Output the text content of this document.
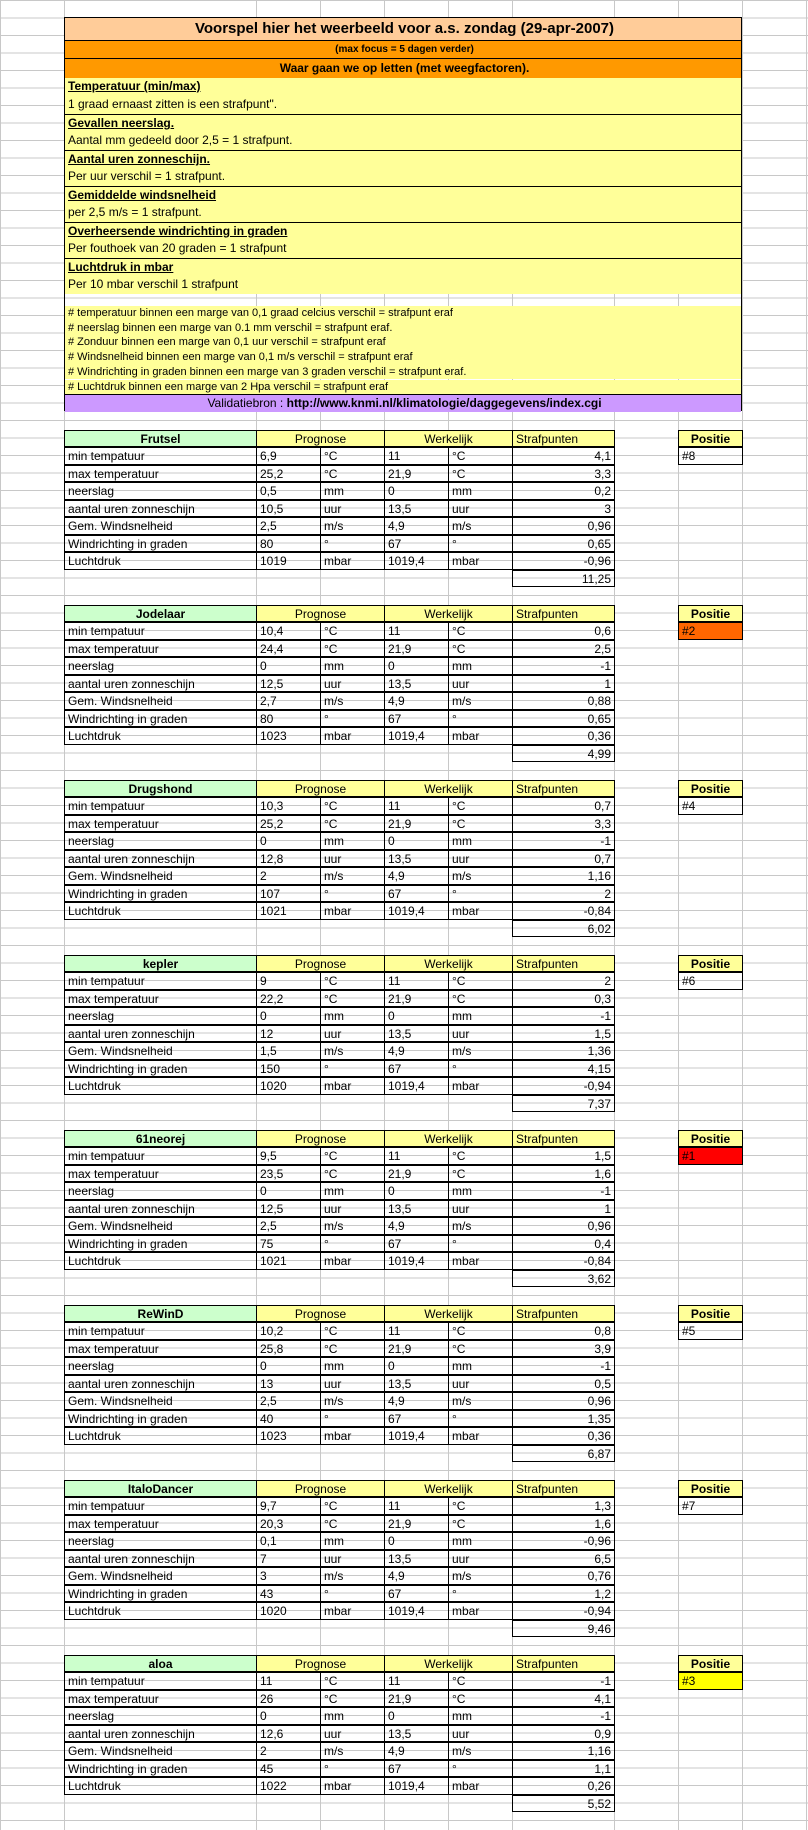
Voorspel hier het weerbeeld voor a.s. zondag (29-apr-2007)
(max focus = 5 dagen verder)
Waar gaan we op letten (met weegfactoren).
Temperatuur (min/max)
1 graad ernaast zitten is een strafpunt".
Gevallen neerslag.
Aantal mm gedeeld door 2,5 = 1 strafpunt.
Aantal uren zonneschijn.
Per uur verschil = 1 strafpunt.
Gemiddelde windsnelheid
per 2,5 m/s = 1 strafpunt.
Overheersende windrichting in graden
Per fouthoek van 20 graden = 1 strafpunt
Luchtdruk in mbar
Per 10 mbar verschil 1 strafpunt
# temperatuur binnen een marge van 0,1 graad celcius verschil = strafpunt eraf
# neerslag binnen een marge van 0.1 mm verschil = strafpunt eraf.
# Zonduur binnen een marge van 0,1 uur verschil = strafpunt eraf
# Windsnelheid binnen een marge van 0,1 m/s verschil = strafpunt eraf
# Windrichting in graden binnen een marge van 3 graden verschil = strafpunt eraf.
# Luchtdruk binnen een marge van 2 Hpa verschil = strafpunt eraf
Validatiebron : http://www.knmi.nl/klimatologie/daggegevens/index.cgi
Frutsel	Prognose	Werkelijk	Strafpunten	Positie
#8
min tempatuur	6,9	°C	11	°C	4,1
max temperatuur	25,2	°C	21,9	°C	3,3
neerslag	0,5	mm	0	mm	0,2
aantal uren zonneschijn	10,5	uur	13,5	uur	3
Gem. Windsnelheid	2,5	m/s	4,9	m/s	0,96
Windrichting in graden	80	°	67	°	0,65
Luchtdruk	1019	mbar	1019,4	mbar	-0,96
11,25
Jodelaar	Prognose	Werkelijk	Strafpunten	Positie
#2
min tempatuur	10,4	°C	11	°C	0,6
max temperatuur	24,4	°C	21,9	°C	2,5
neerslag	0	mm	0	mm	-1
aantal uren zonneschijn	12,5	uur	13,5	uur	1
Gem. Windsnelheid	2,7	m/s	4,9	m/s	0,88
Windrichting in graden	80	°	67	°	0,65
Luchtdruk	1023	mbar	1019,4	mbar	0,36
4,99
Drugshond	Prognose	Werkelijk	Strafpunten	Positie
#4
min tempatuur	10,3	°C	11	°C	0,7
max temperatuur	25,2	°C	21,9	°C	3,3
neerslag	0	mm	0	mm	-1
aantal uren zonneschijn	12,8	uur	13,5	uur	0,7
Gem. Windsnelheid	2	m/s	4,9	m/s	1,16
Windrichting in graden	107	°	67	°	2
Luchtdruk	1021	mbar	1019,4	mbar	-0,84
6,02
kepler	Prognose	Werkelijk	Strafpunten	Positie
#6
min tempatuur	9	°C	11	°C	2
max temperatuur	22,2	°C	21,9	°C	0,3
neerslag	0	mm	0	mm	-1
aantal uren zonneschijn	12	uur	13,5	uur	1,5
Gem. Windsnelheid	1,5	m/s	4,9	m/s	1,36
Windrichting in graden	150	°	67	°	4,15
Luchtdruk	1020	mbar	1019,4	mbar	-0,94
7,37
61neorej	Prognose	Werkelijk	Strafpunten	Positie
#1
min tempatuur	9,5	°C	11	°C	1,5
max temperatuur	23,5	°C	21,9	°C	1,6
neerslag	0	mm	0	mm	-1
aantal uren zonneschijn	12,5	uur	13,5	uur	1
Gem. Windsnelheid	2,5	m/s	4,9	m/s	0,96
Windrichting in graden	75	°	67	°	0,4
Luchtdruk	1021	mbar	1019,4	mbar	-0,84
3,62
ReWinD	Prognose	Werkelijk	Strafpunten	Positie
#5
min tempatuur	10,2	°C	11	°C	0,8
max temperatuur	25,8	°C	21,9	°C	3,9
neerslag	0	mm	0	mm	-1
aantal uren zonneschijn	13	uur	13,5	uur	0,5
Gem. Windsnelheid	2,5	m/s	4,9	m/s	0,96
Windrichting in graden	40	°	67	°	1,35
Luchtdruk	1023	mbar	1019,4	mbar	0,36
6,87
ItaloDancer	Prognose	Werkelijk	Strafpunten	Positie
#7
min tempatuur	9,7	°C	11	°C	1,3
max temperatuur	20,3	°C	21,9	°C	1,6
neerslag	0,1	mm	0	mm	-0,96
aantal uren zonneschijn	7	uur	13,5	uur	6,5
Gem. Windsnelheid	3	m/s	4,9	m/s	0,76
Windrichting in graden	43	°	67	°	1,2
Luchtdruk	1020	mbar	1019,4	mbar	-0,94
9,46
aloa	Prognose	Werkelijk	Strafpunten	Positie
#3
min tempatuur	11	°C	11	°C	-1
max temperatuur	26	°C	21,9	°C	4,1
neerslag	0	mm	0	mm	-1
aantal uren zonneschijn	12,6	uur	13,5	uur	0,9
Gem. Windsnelheid	2	m/s	4,9	m/s	1,16
Windrichting in graden	45	°	67	°	1,1
Luchtdruk	1022	mbar	1019,4	mbar	0,26
5,52
